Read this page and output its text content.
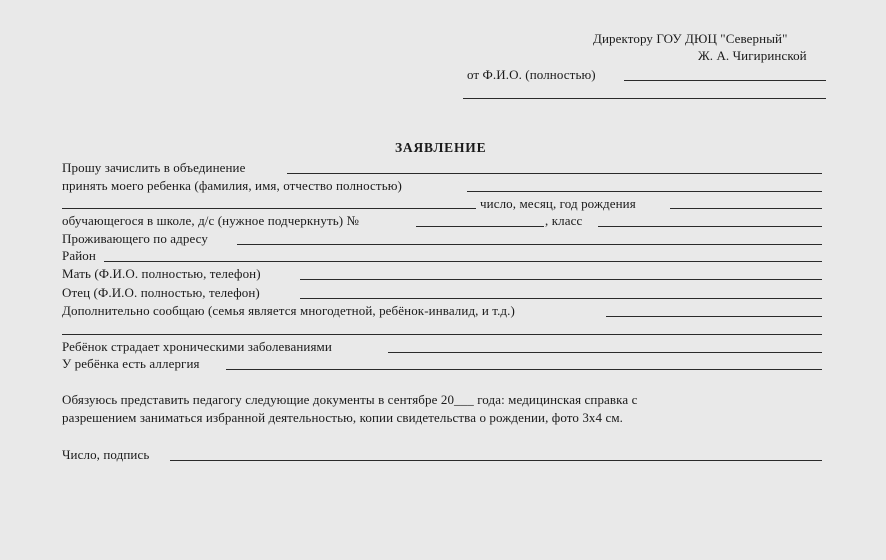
Директору ГОУ ДЮЦ "Северный"
Ж. А. Чигиринской
от Ф.И.О. (полностью)
ЗАЯВЛЕНИЕ
Прошу зачислить в объединение
принять моего ребенка (фамилия, имя, отчество полностью)
число, месяц, год рождения
обучающегося в школе, д/с (нужное подчеркнуть) №	, класс
Проживающего по адресу
Район
Мать (Ф.И.О. полностью, телефон)
Отец (Ф.И.О. полностью, телефон)
Дополнительно сообщаю (семья является многодетной, ребёнок-инвалид, и т.д.)
Ребёнок страдает хроническими заболеваниями
У ребёнка есть аллергия
Обязуюсь представить педагогу следующие документы в сентябре 20___ года: медицинская справка с
разрешением заниматься избранной деятельностью, копии свидетельства о рождении, фото 3х4 см.
Число, подпись
